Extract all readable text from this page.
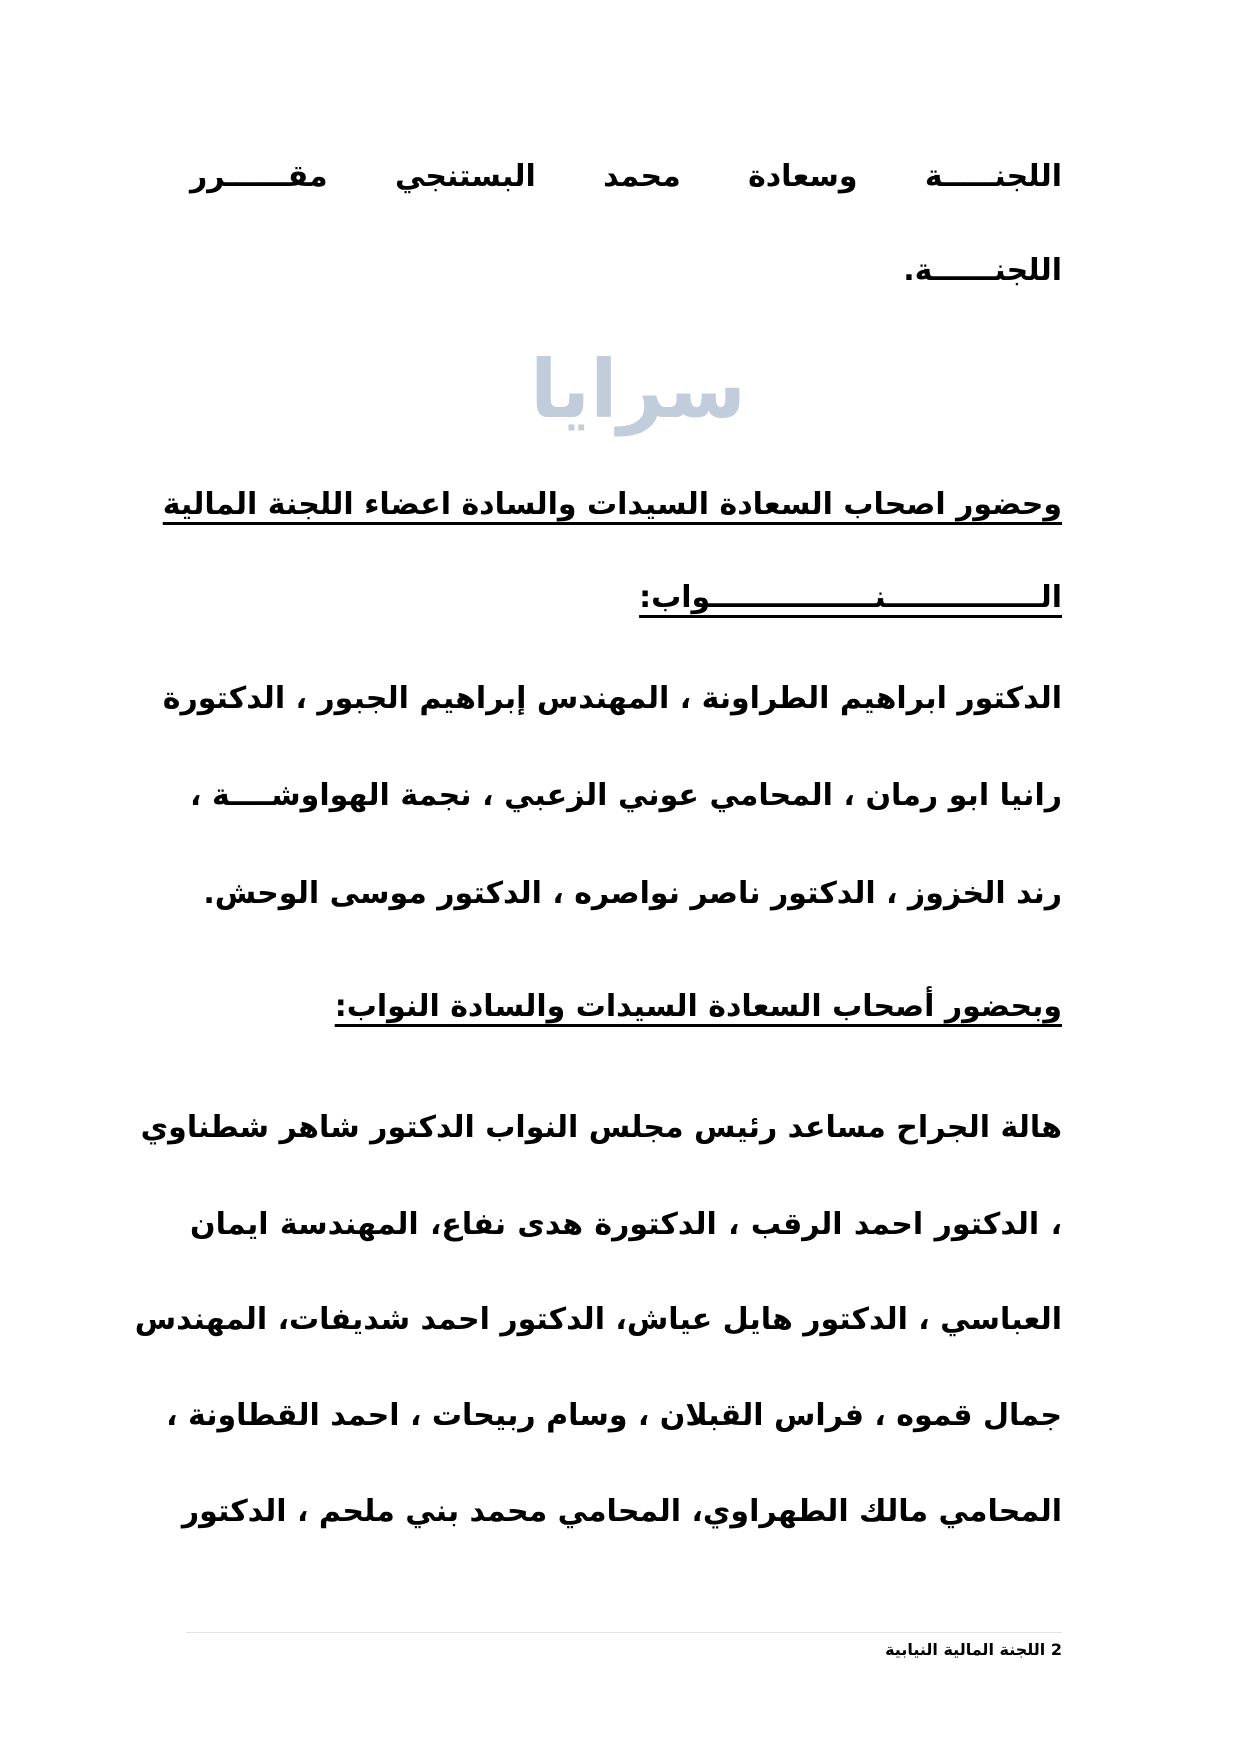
اللجنـــــة وسعادة محمد البستنجي مقــــــرر
اللجنــــــة.
سرايا
وحضور اصحاب السعادة السيدات والسادة اعضاء اللجنة المالية
الـــــــــــــــنــــــــــــــــواب:
الدكتور ابراهيم الطراونة ، المهندس إبراهيم الجبور ، الدكتورة
رانيا ابو رمان ، المحامي عوني الزعبي ، نجمة الهواوشــــة ،
رند الخزوز ، الدكتور ناصر نواصره ، الدكتور موسى الوحش.
وبحضور أصحاب السعادة السيدات والسادة النواب:
هالة الجراح مساعد رئيس مجلس النواب الدكتور شاهر شطناوي
، الدكتور احمد الرقب ، الدكتورة هدى نفاع، المهندسة ايمان
العباسي ، الدكتور هايل عياش، الدكتور احمد شديفات، المهندس
جمال قموه ، فراس القبلان ، وسام ربيحات ، احمد القطاونة ،
المحامي مالك الطهراوي، المحامي محمد بني ملحم ، الدكتور
2 اللجنة المالية النيابية
